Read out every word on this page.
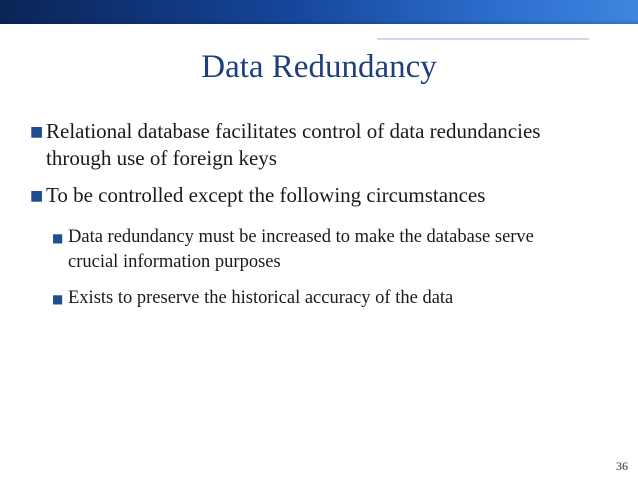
Data Redundancy
■ Relational database facilitates control of data redundancies through use of foreign keys
■ To be controlled except the following circumstances
■ Data redundancy must be increased to make the database serve crucial information purposes
■ Exists to preserve the historical accuracy of the data
36
